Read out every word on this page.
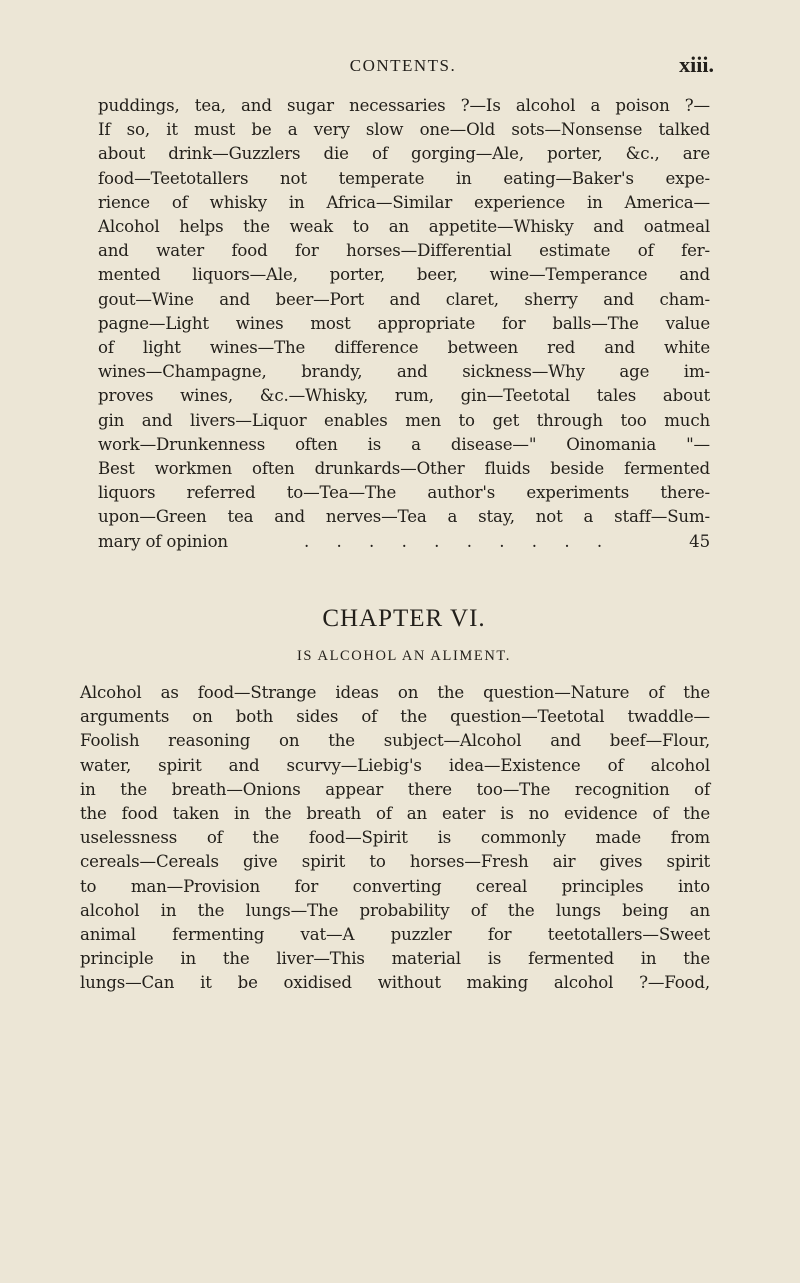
CONTENTS.	xiii.
puddings, tea, and sugar necessaries ?—Is alcohol a poison ?—
If so, it must be a very slow one—Old sots—Nonsense talked
about drink—Guzzlers die of gorging—Ale, porter, &c., are
food—Teetotallers not temperate in eating—Baker's expe-
rience of whisky in Africa—Similar experience in America—
Alcohol helps the weak to an appetite—Whisky and oatmeal
and water food for horses—Differential estimate of fer-
mented liquors—Ale, porter, beer, wine—Temperance and
gout—Wine and beer—Port and claret, sherry and cham-
pagne—Light wines most appropriate for balls—The value
of light wines—The difference between red and white
wines—Champagne, brandy, and sickness—Why age im-
proves wines, &c.—Whisky, rum, gin—Teetotal tales about
gin and livers—Liquor enables men to get through too much
work—Drunkenness often is a disease—" Oinomania "—
Best workmen often drunkards—Other fluids beside fermented
liquors referred to—Tea—The author's experiments there-
upon—Green tea and nerves—Tea a stay, not a staff—Sum-
mary of opinion	. . . . . . . . . .	45
CHAPTER VI.
IS ALCOHOL AN ALIMENT.
Alcohol as food—Strange ideas on the question—Nature of the
arguments on both sides of the question—Teetotal twaddle—
Foolish reasoning on the subject—Alcohol and beef—Flour,
water, spirit and scurvy—Liebig's idea—Existence of alcohol
in the breath—Onions appear there too—The recognition of
the food taken in the breath of an eater is no evidence of the
uselessness of the food—Spirit is commonly made from
cereals—Cereals give spirit to horses—Fresh air gives spirit
to man—Provision for converting cereal principles into
alcohol in the lungs—The probability of the lungs being an
animal fermenting vat—A puzzler for teetotallers—Sweet
principle in the liver—This material is fermented in the
lungs—Can it be oxidised without making alcohol ?—Food,
